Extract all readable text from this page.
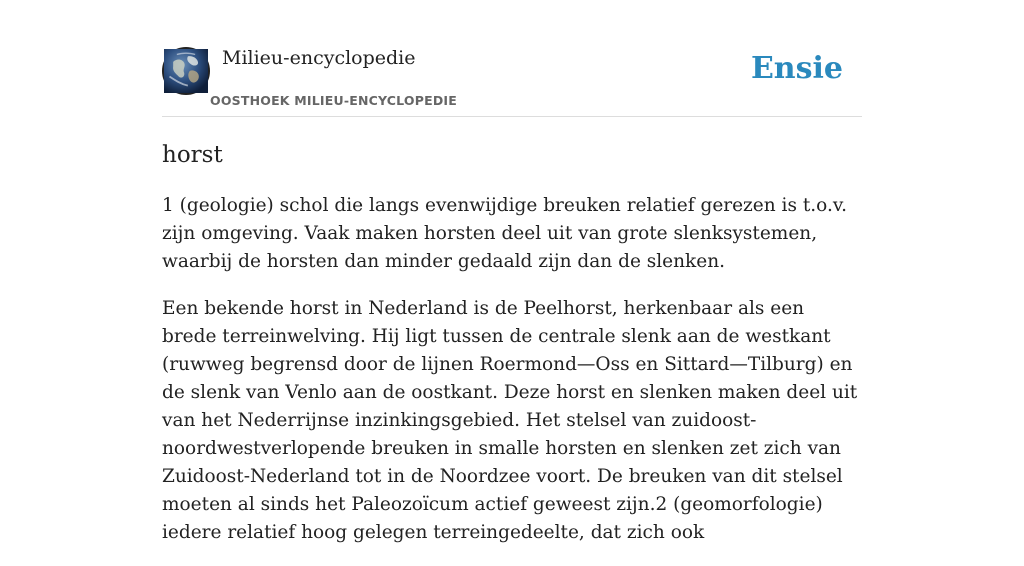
Milieu-encyclopedie
OOSTHOEK MILIEU-ENCYCLOPEDIE
Ensie
horst

1 (geologie) schol die langs evenwijdige breuken relatief gerezen is t.o.v. zijn omgeving. Vaak maken horsten deel uit van grote slenksystemen, waarbij de horsten dan minder gedaald zijn dan de slenken.

Een bekende horst in Nederland is de Peelhorst, herkenbaar als een brede terreinwelving. Hij ligt tussen de centrale slenk aan de westkant (ruwweg begrensd door de lijnen Roermond—Oss en Sittard—Tilburg) en de slenk van Venlo aan de oostkant. Deze horst en slenken maken deel uit van het Nederrijnse inzinkingsgebied. Het stelsel van zuidoost-noordwestverlopende breuken in smalle horsten en slenken zet zich van Zuidoost-Nederland tot in de Noordzee voort. De breuken van dit stelsel moeten al sinds het Paleozoïcum actief geweest zijn.2 (geomorfologie) iedere relatief hoog gelegen terreingedeelte, dat zich ook
